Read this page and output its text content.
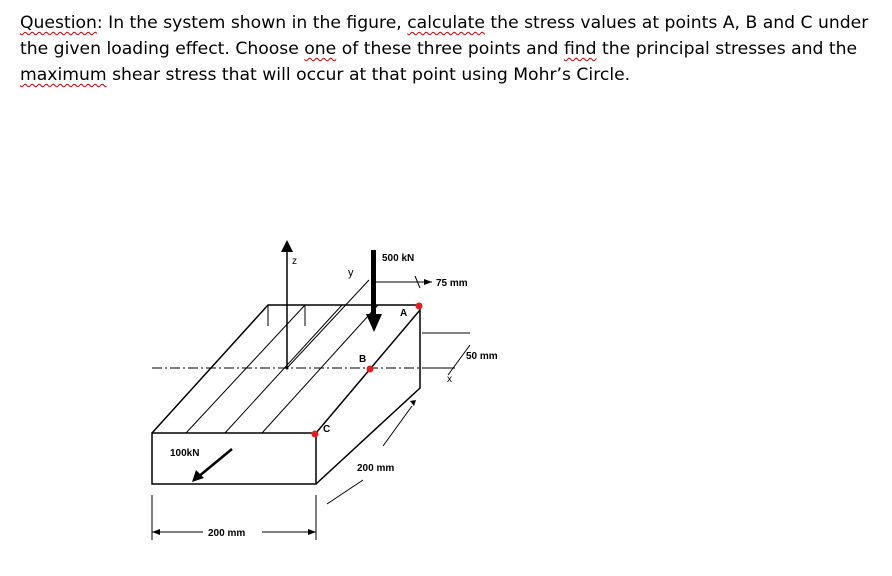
Question: In the system shown in the figure, calculate the stress values at points A, B and C under the given loading effect. Choose one of these three points and find the principal stresses and the maximum shear stress that will occur at that point using Mohr’s Circle.
z
y
500 kN
75 mm
50 mm
x
A
B
C
100kN
200 mm
200 mm
